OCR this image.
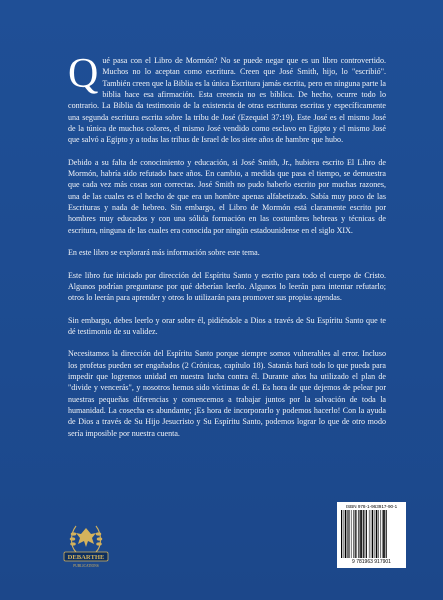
Qué pasa con el Libro de Mormón? No se puede negar que es un libro controvertido. Muchos no lo aceptan como escritura. Creen que José Smith, hijo, lo "escribió". También creen que la Biblia es la única Escritura jamás escrita, pero en ninguna parte la biblia hace esa afirmación. Esta creencia no es bíblica. De hecho, ocurre todo lo contrario. La Biblia da testimonio de la existencia de otras escrituras escritas y específicamente una segunda escritura escrita sobre la tribu de José (Ezequiel 37:19). Este José es el mismo José de la túnica de muchos colores, el mismo José vendido como esclavo en Egipto y el mismo José que salvó a Egipto y a todas las tribus de Israel de los siete años de hambre que hubo.

Debido a su falta de conocimiento y educación, si José Smith, Jr., hubiera escrito El Libro de Mormón, habría sido refutado hace años. En cambio, a medida que pasa el tiempo, se demuestra que cada vez más cosas son correctas. José Smith no pudo haberlo escrito por muchas razones, una de las cuales es el hecho de que era un hombre apenas alfabetizado. Sabía muy poco de las Escrituras y nada de hebreo. Sin embargo, el Libro de Mormón está claramente escrito por hombres muy educados y con una sólida formación en las costumbres hebreas y técnicas de escritura, ninguna de las cuales era conocida por ningún estadounidense en el siglo XIX.

En este libro se explorará más información sobre este tema.

Este libro fue iniciado por dirección del Espíritu Santo y escrito para todo el cuerpo de Cristo. Algunos podrían preguntarse por qué deberían leerlo. Algunos lo leerán para intentar refutarlo; otros lo leerán para aprender y otros lo utilizarán para promover sus propias agendas.

Sin embargo, debes leerlo y orar sobre él, pidiéndole a Dios a través de Su Espíritu Santo que te dé testimonio de su validez.

Necesitamos la dirección del Espíritu Santo porque siempre somos vulnerables al error. Incluso los profetas pueden ser engañados (2 Crónicas, capítulo 18). Satanás hará todo lo que pueda para impedir que logremos unidad en nuestra lucha contra él. Durante años ha utilizado el plan de "divide y vencerás", y nosotros hemos sido víctimas de él. Es hora de que dejemos de pelear por nuestras pequeñas diferencias y comencemos a trabajar juntos por la salvación de toda la humanidad. La cosecha es abundante; ¡Es hora de incorporarlo y podemos hacerlo! Con la ayuda de Dios a través de Su Hijo Jesucristo y Su Espíritu Santo, podemos lograr lo que de otro modo sería imposible por nuestra cuenta.

DEBARTHE
PUBLICATIONS
ISBN 978-1-963917-90-1
9 781963 917901
